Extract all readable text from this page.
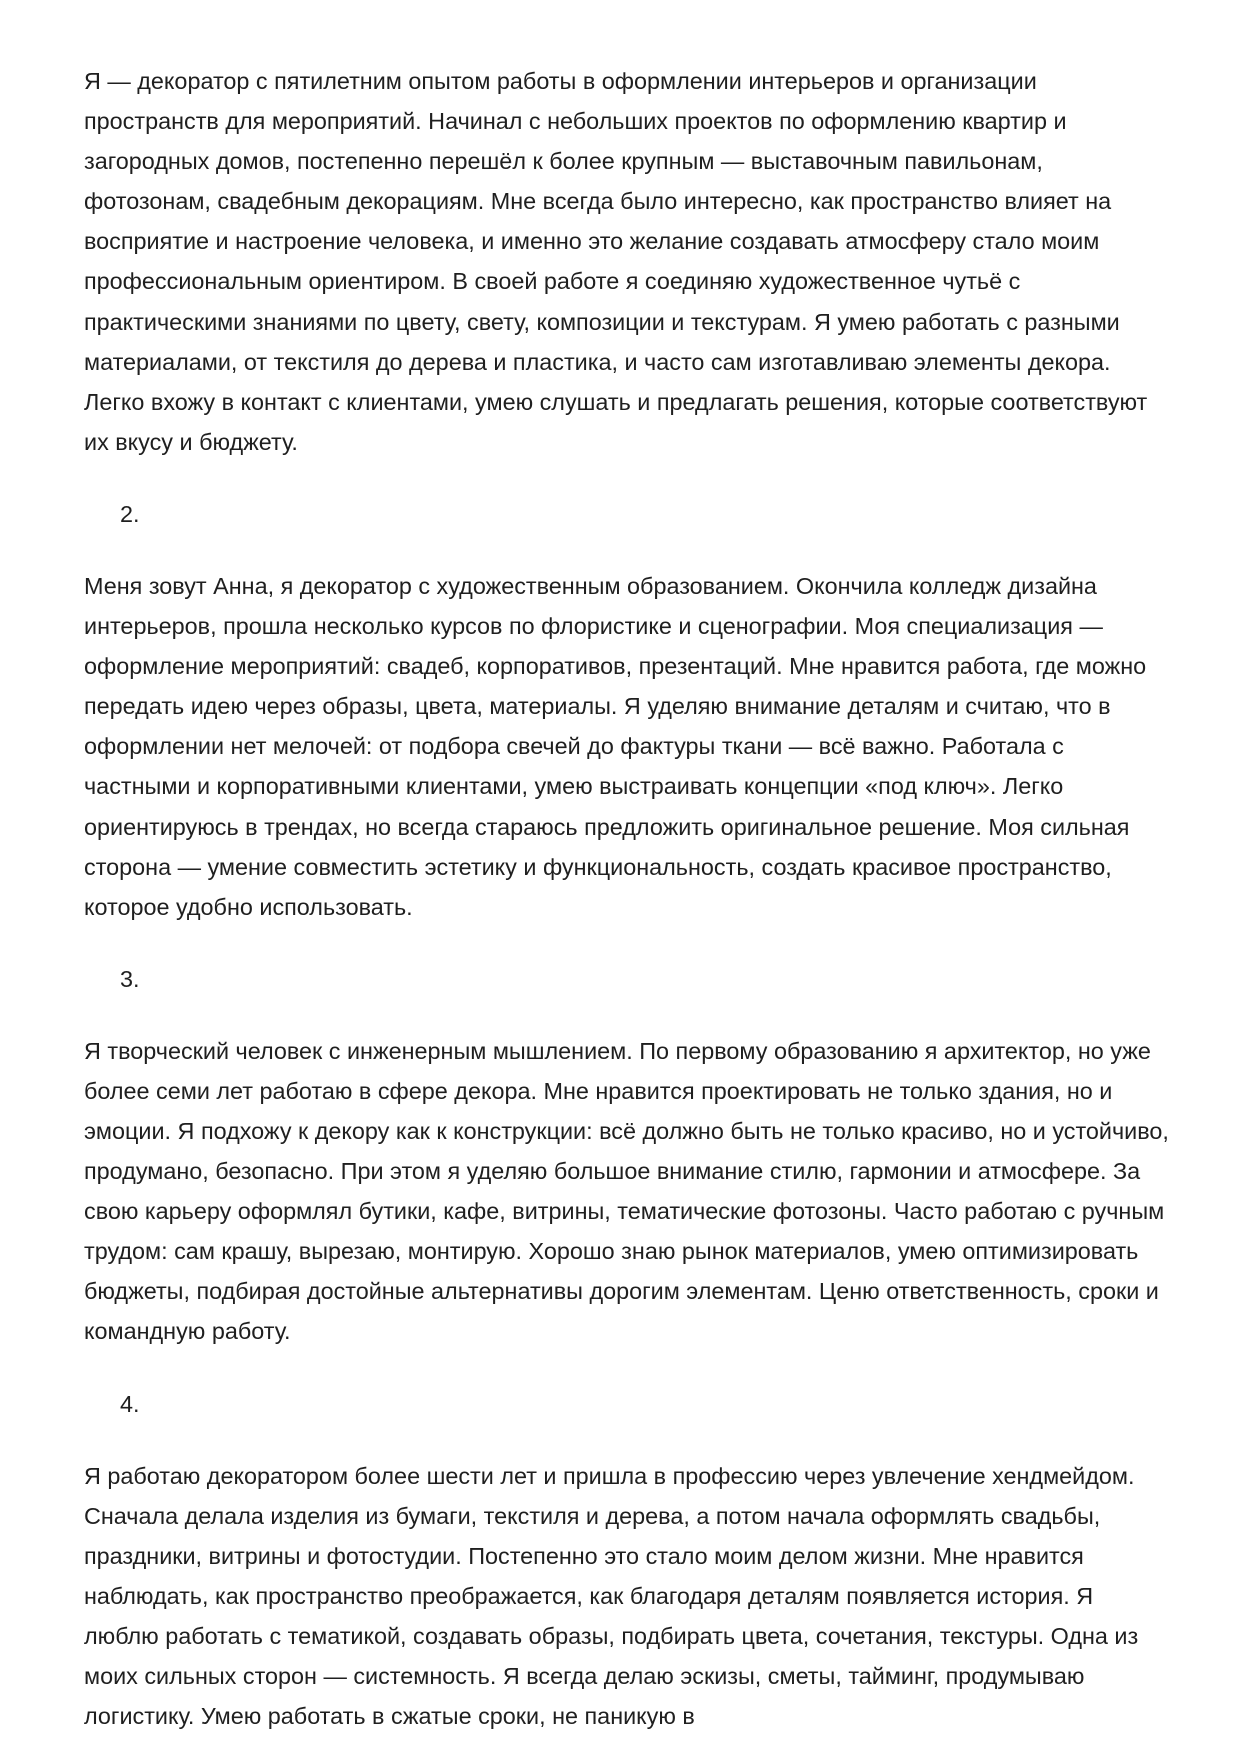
Я — декоратор с пятилетним опытом работы в оформлении интерьеров и организации пространств для мероприятий. Начинал с небольших проектов по оформлению квартир и загородных домов, постепенно перешёл к более крупным — выставочным павильонам, фотозонам, свадебным декорациям. Мне всегда было интересно, как пространство влияет на восприятие и настроение человека, и именно это желание создавать атмосферу стало моим профессиональным ориентиром. В своей работе я соединяю художественное чутьё с практическими знаниями по цвету, свету, композиции и текстурам. Я умею работать с разными материалами, от текстиля до дерева и пластика, и часто сам изготавливаю элементы декора. Легко вхожу в контакт с клиентами, умею слушать и предлагать решения, которые соответствуют их вкусу и бюджету.

2.

Меня зовут Анна, я декоратор с художественным образованием. Окончила колледж дизайна интерьеров, прошла несколько курсов по флористике и сценографии. Моя специализация — оформление мероприятий: свадеб, корпоративов, презентаций. Мне нравится работа, где можно передать идею через образы, цвета, материалы. Я уделяю внимание деталям и считаю, что в оформлении нет мелочей: от подбора свечей до фактуры ткани — всё важно. Работала с частными и корпоративными клиентами, умею выстраивать концепции «под ключ». Легко ориентируюсь в трендах, но всегда стараюсь предложить оригинальное решение. Моя сильная сторона — умение совместить эстетику и функциональность, создать красивое пространство, которое удобно использовать.

3.

Я творческий человек с инженерным мышлением. По первому образованию я архитектор, но уже более семи лет работаю в сфере декора. Мне нравится проектировать не только здания, но и эмоции. Я подхожу к декору как к конструкции: всё должно быть не только красиво, но и устойчиво, продумано, безопасно. При этом я уделяю большое внимание стилю, гармонии и атмосфере. За свою карьеру оформлял бутики, кафе, витрины, тематические фотозоны. Часто работаю с ручным трудом: сам крашу, вырезаю, монтирую. Хорошо знаю рынок материалов, умею оптимизировать бюджеты, подбирая достойные альтернативы дорогим элементам. Ценю ответственность, сроки и командную работу.

4.

Я работаю декоратором более шести лет и пришла в профессию через увлечение хендмейдом. Сначала делала изделия из бумаги, текстиля и дерева, а потом начала оформлять свадьбы, праздники, витрины и фотостудии. Постепенно это стало моим делом жизни. Мне нравится наблюдать, как пространство преображается, как благодаря деталям появляется история. Я люблю работать с тематикой, создавать образы, подбирать цвета, сочетания, текстуры. Одна из моих сильных сторон — системность. Я всегда делаю эскизы, сметы, тайминг, продумываю логистику. Умею работать в сжатые сроки, не паникую в
